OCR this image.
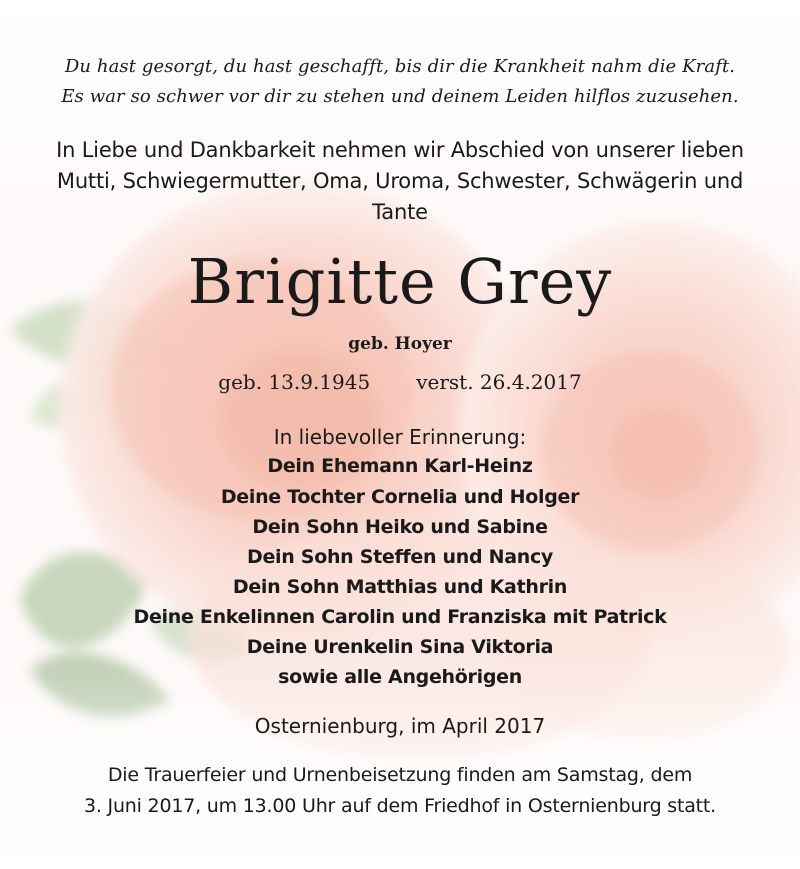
Du hast gesorgt, du hast geschafft, bis dir die Krankheit nahm die Kraft.
Es war so schwer vor dir zu stehen und deinem Leiden hilflos zuzusehen.
In Liebe und Dankbarkeit nehmen wir Abschied von unserer lieben
Mutti, Schwiegermutter, Oma, Uroma, Schwester, Schwägerin und
Tante
Brigitte Grey
geb. Hoyer
geb. 13.9.1945 verst. 26.4.2017
In liebevoller Erinnerung:
Dein Ehemann Karl-Heinz
Deine Tochter Cornelia und Holger
Dein Sohn Heiko und Sabine
Dein Sohn Steffen und Nancy
Dein Sohn Matthias und Kathrin
Deine Enkelinnen Carolin und Franziska mit Patrick
Deine Urenkelin Sina Viktoria
sowie alle Angehörigen
Osternienburg, im April 2017
Die Trauerfeier und Urnenbeisetzung finden am Samstag, dem
3. Juni 2017, um 13.00 Uhr auf dem Friedhof in Osternienburg statt.
